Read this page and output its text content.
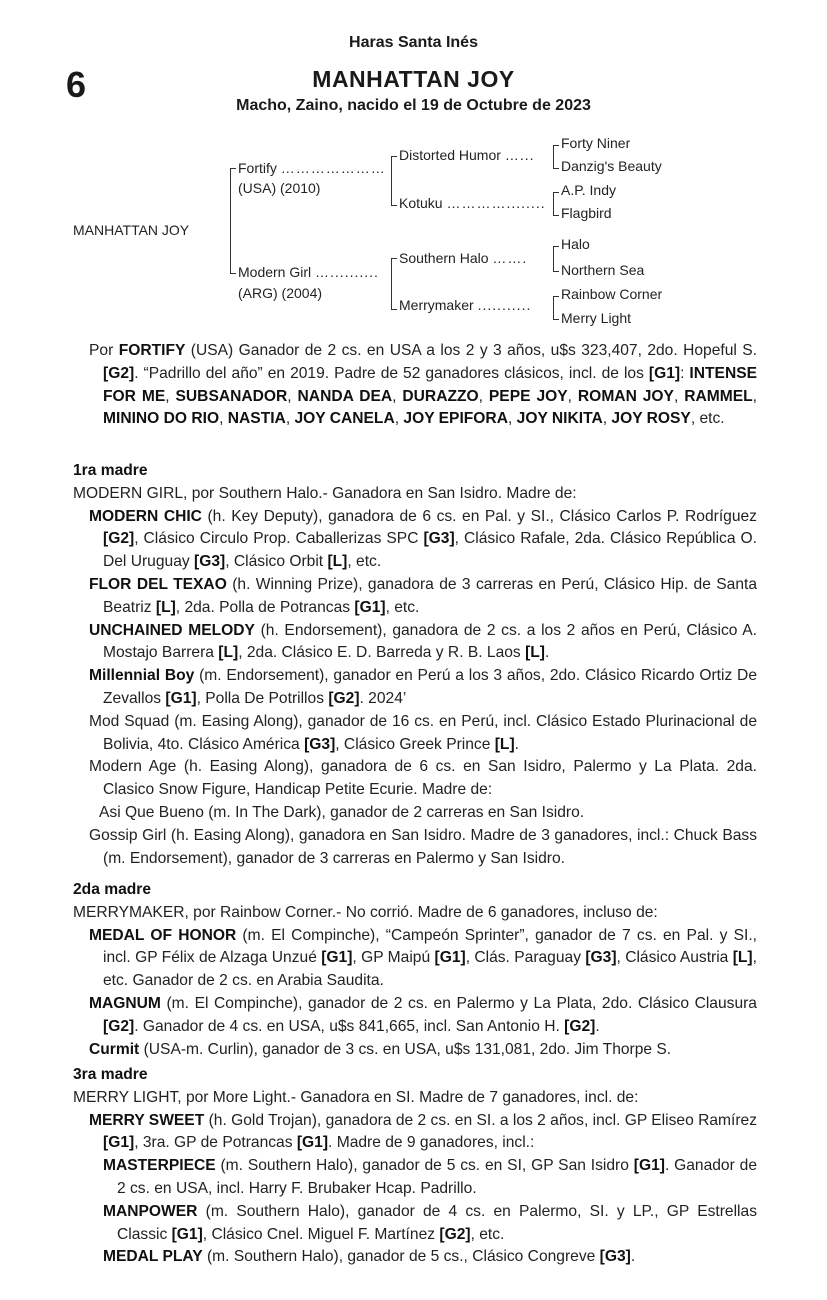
Haras Santa Inés
6	MANHATTAN JOY
Macho, Zaino, nacido el 19 de Octubre de 2023
MANHATTAN JOY
Fortify …………………
(USA) (2010)
Modern Girl …..........
(ARG) (2004)
Distorted Humor …...
Kotuku …………........
Southern Halo …….
Merrymaker ...........
Forty Niner
Danzig's Beauty
A.P. Indy
Flagbird
Halo
Northern Sea
Rainbow Corner
Merry Light
Por FORTIFY (USA) Ganador de 2 cs. en USA a los 2 y 3 años, u$s 323,407, 2do. Hopeful S. [G2]. “Padrillo del año” en 2019. Padre de 52 ganadores clásicos, incl. de los [G1]: INTENSE FOR ME, SUBSANADOR, NANDA DEA, DURAZZO, PEPE JOY, ROMAN JOY, RAMMEL, MININO DO RIO, NASTIA, JOY CANELA, JOY EPIFORA, JOY NIKITA, JOY ROSY, etc.
1ra madre
MODERN GIRL, por Southern Halo.- Ganadora en San Isidro. Madre de:
MODERN CHIC (h. Key Deputy), ganadora de 6 cs. en Pal. y SI., Clásico Carlos P. Rodríguez [G2], Clásico Circulo Prop. Caballerizas SPC [G3], Clásico Rafale, 2da. Clásico República O. Del Uruguay [G3], Clásico Orbit [L], etc.
FLOR DEL TEXAO (h. Winning Prize), ganadora de 3 carreras en Perú, Clásico Hip. de Santa Beatriz [L], 2da. Polla de Potrancas [G1], etc.
UNCHAINED MELODY (h. Endorsement), ganadora de 2 cs. a los 2 años en Perú, Clásico A. Mostajo Barrera [L], 2da. Clásico E. D. Barreda y R. B. Laos [L].
Millennial Boy (m. Endorsement), ganador en Perú a los 3 años, 2do. Clásico Ricardo Ortiz De Zevallos [G1], Polla De Potrillos [G2]. 2024’
Mod Squad (m. Easing Along), ganador de 16 cs. en Perú, incl. Clásico Estado Plurinacional de Bolivia, 4to. Clásico América [G3], Clásico Greek Prince [L].
Modern Age (h. Easing Along), ganadora de 6 cs. en San Isidro, Palermo y La Plata. 2da. Clasico Snow Figure, Handicap Petite Ecurie. Madre de:
Asi Que Bueno (m. In The Dark), ganador de 2 carreras en San Isidro.
Gossip Girl (h. Easing Along), ganadora en San Isidro. Madre de 3 ganadores, incl.: Chuck Bass (m. Endorsement), ganador de 3 carreras en Palermo y San Isidro.
2da madre
MERRYMAKER, por Rainbow Corner.- No corrió. Madre de 6 ganadores, incluso de:
MEDAL OF HONOR (m. El Compinche), “Campeón Sprinter”, ganador de 7 cs. en Pal. y SI., incl. GP Félix de Alzaga Unzué [G1], GP Maipú [G1], Clás. Paraguay [G3], Clásico Austria [L], etc. Ganador de 2 cs. en Arabia Saudita.
MAGNUM (m. El Compinche), ganador de 2 cs. en Palermo y La Plata, 2do. Clásico Clausura [G2]. Ganador de 4 cs. en USA, u$s 841,665, incl. San Antonio H. [G2].
Curmit (USA-m. Curlin), ganador de 3 cs. en USA, u$s 131,081, 2do. Jim Thorpe S.
3ra madre
MERRY LIGHT, por More Light.- Ganadora en SI. Madre de 7 ganadores, incl. de:
MERRY SWEET (h. Gold Trojan), ganadora de 2 cs. en SI. a los 2 años, incl. GP Eliseo Ramírez [G1], 3ra. GP de Potrancas [G1]. Madre de 9 ganadores, incl.:
MASTERPIECE (m. Southern Halo), ganador de 5 cs. en SI, GP San Isidro [G1]. Ganador de 2 cs. en USA, incl. Harry F. Brubaker Hcap. Padrillo.
MANPOWER (m. Southern Halo), ganador de 4 cs. en Palermo, SI. y LP., GP Estrellas Classic [G1], Clásico Cnel. Miguel F. Martínez [G2], etc.
MEDAL PLAY (m. Southern Halo), ganador de 5 cs., Clásico Congreve [G3].
